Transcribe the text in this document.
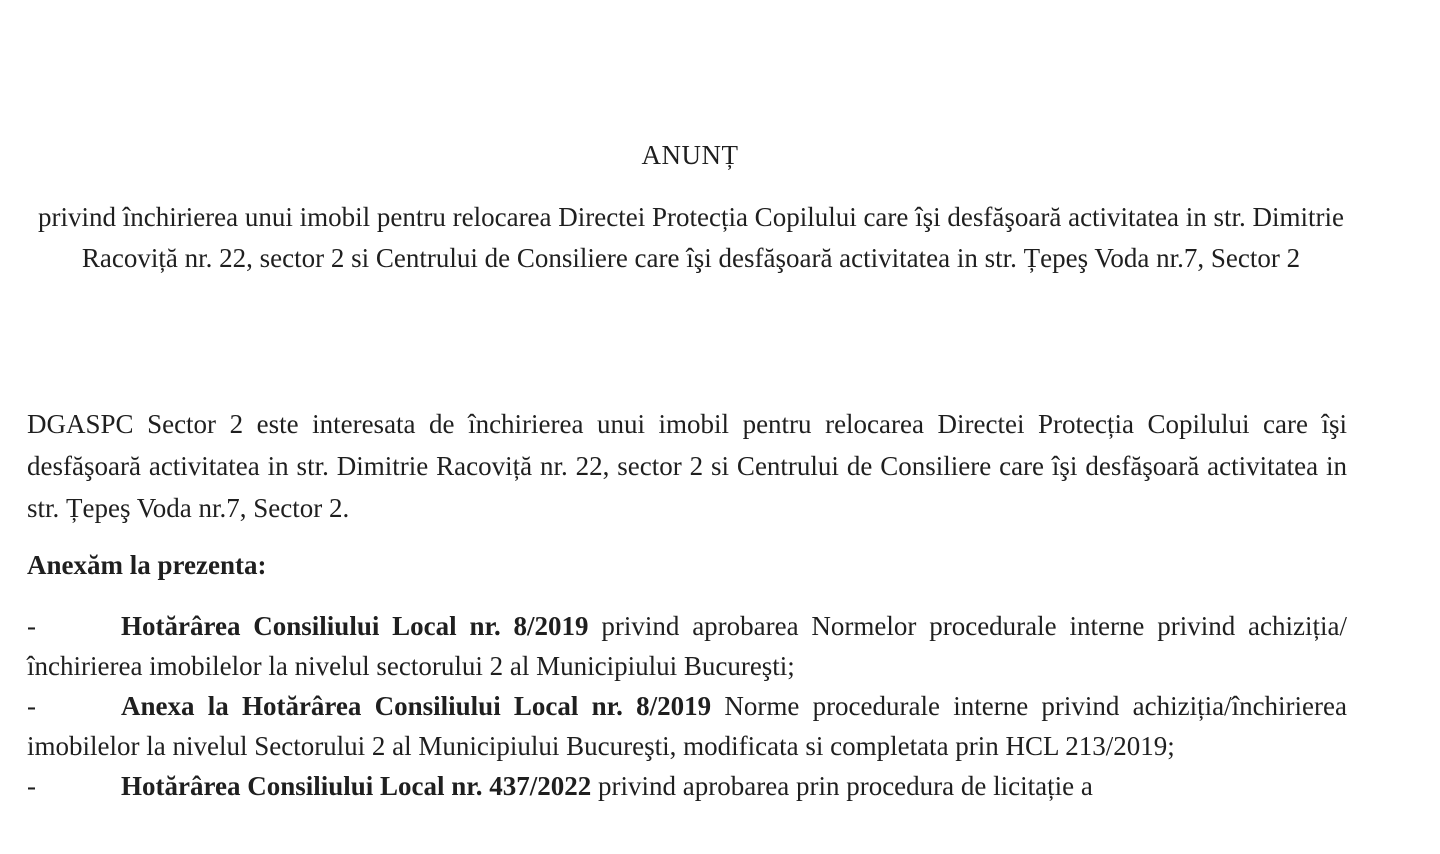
ANUNȚ
privind închirierea unui imobil pentru relocarea Directei Protecția Copilului care îşi desfăşoară activitatea in str. Dimitrie Racoviță nr. 22, sector 2 si Centrului de Consiliere care îşi desfăşoară activitatea in str. Țepeş Voda nr.7, Sector 2

DGASPC Sector 2 este interesata de închirierea unui imobil pentru relocarea Directei Protecția Copilului care îşi desfăşoară activitatea in str. Dimitrie Racoviță nr. 22, sector 2 si Centrului de Consiliere care îşi desfăşoară activitatea in str. Țepeş Voda nr.7, Sector 2.

Anexăm la prezenta:
-	Hotărârea Consiliului Local nr. 8/2019 privind aprobarea Normelor procedurale interne privind achiziția/închirierea imobilelor la nivelul sectorului 2 al Municipiului Bucureşti;
-	Anexa la Hotărârea Consiliului Local nr. 8/2019 Norme procedurale interne privind achiziția/închirierea imobilelor la nivelul Sectorului 2 al Municipiului Bucureşti, modificata si completata prin HCL 213/2019;
-	Hotărârea Consiliului Local nr. 437/2022 privind aprobarea prin procedura de licitație a
